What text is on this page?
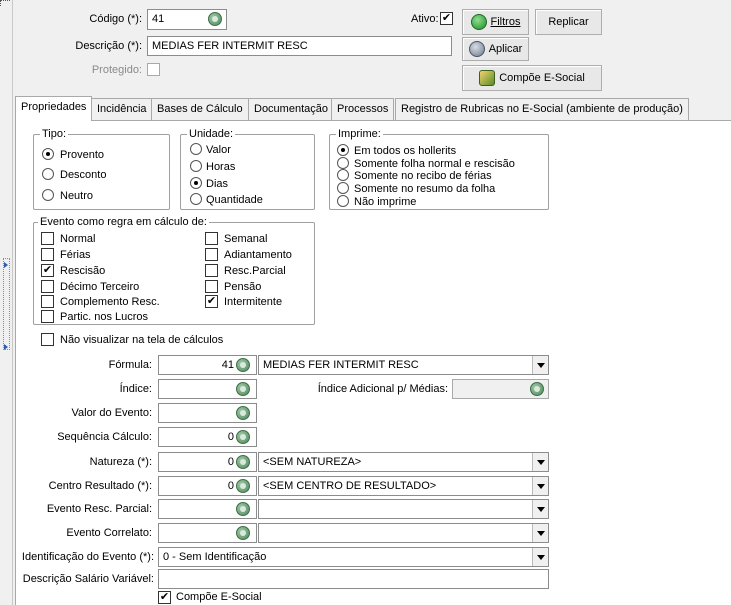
Código (*): 41	Ativo: ✔
Descrição (*): MEDIAS FER INTERMIT RESC
Protegido:
Filtros	Replicar
Aplicar
Compõe E-Social
Propriedades Incidência Bases de Cálculo	Documentação Processos	Registro de Rubricas no E-Social (ambiente de produção)
Tipo:
Provento
Desconto
Neutro
Unidade:
Valor
Horas
Dias
Quantidade
Imprime:
Em todos os hollerits
Somente folha normal e rescisão
Somente no recibo de férias
Somente no resumo da folha
Não imprime
Evento como regra em cálculo de:
Normal
Férias
✔ Rescisão
Décimo Terceiro
Complemento Resc.
Partic. nos Lucros
Semanal
Adiantamento
Resc.Parcial
Pensão
✔ Intermitente
Não visualizar na tela de cálculos
Fórmula:	41	MEDIAS FER INTERMIT RESC
Índice:	Índice Adicional p/ Médias:
Valor do Evento:
Sequência Cálculo:	0
Natureza (*):	0	<SEM NATUREZA>
Centro Resultado (*):	0	<SEM CENTRO DE RESULTADO>
Evento Resc. Parcial:
Evento Correlato:
Identificação do Evento (*): 0 - Sem Identificação
Descrição Salário Variável:
✔ Compõe E-Social
